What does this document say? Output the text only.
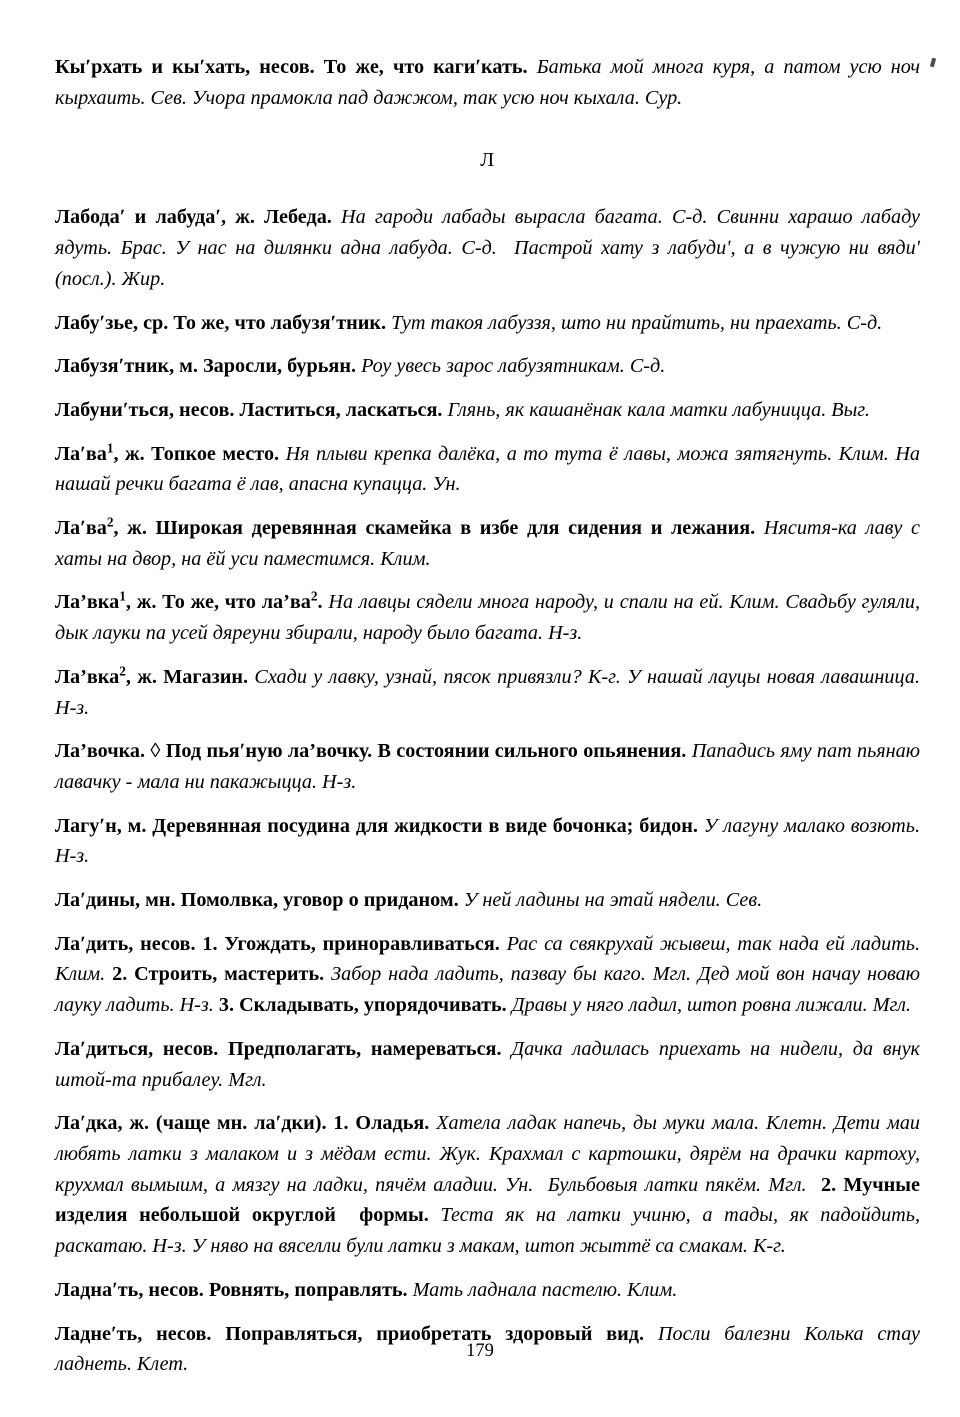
Кыʹрхать и кыʹхать, несов. То же, что кагиʹкать. Батька мой многа куря, а патом усю ноч кырхаить. Сев. Учора прамокла пад дажжом, так усю ноч кыхала. Сур.

Л

Лабодаʹ и лабудаʹ, ж. Лебеда. На гароди лабады вырасла багата. С-д. Свинни харашо лабаду ядуть. Брас. У нас на дилянки адна лабуда. С-д.  Пастрой хату з лабудиʹ, а в чужую ни вядиʹ (посл.). Жир.

Лабуʹзье, ср. То же, что лабузяʹтник. Тут такоя лабуззя, што ни прайтить, ни праехать. С-д.

Лабузяʹтник, м. Заросли, бурьян. Роу увесь зарос лабузятникам. С-д.

Лабуниʹться, несов. Ластиться, ласкаться. Глянь, як кашанёнак кала матки лабуницца. Выг.

Лаʹва$^1$, ж. Топкое место. Ня плыви крепка далёка, а то тута ё лавы, можа зятягнуть. Клим. На нашай речки багата ё лав, апасна купацца. Ун.

Лаʹва$^2$, ж. Широкая деревянная скамейка в избе для сидения и лежания. Няситя-ка лаву с хаты на двор, на ёй уси паместимся. Клим.

Ла’вка$^1$, ж. То же, что $ла’ва^2$. На лавцы сядели многа народу, и спали на ей. Клим. Свадьбу гуляли, дык лауки па усей дяреуни збирали, народу было багата. Н-з.

Ла’вка$^2$, ж. Магазин. Схади у лавку, узнай, пясок привязли? К-г. У нашай лауцы новая лавашница. Н-з.

Ла’вочка. ◊ Под пьяʹную ла’вочку. В состоянии сильного опьянения. Пападись яму пат пьянаю лавачку - мала ни пакажыцца. Н-з.

Лагуʹн, м. Деревянная посудина для жидкости в виде бочонка; бидон. У лагуну малако возють. Н-з.

Лаʹдины, мн. Помолвка, уговор о приданом. У ней ладины на этай нядели. Сев.

Лаʹдить, несов. 1. Угождать, приноравливаться. Рас са свякрухай жывеш, так нада ей ладить. Клим. 2. Строить, мастерить. Забор нада ладить, пазвау бы каго. Мгл. Дед мой вон начау новаю лауку ладить. Н-з. 3. Складывать, упорядочивать. Дравы у няго ладил, штоп ровна лижали. Мгл.

Лаʹдиться, несов. Предполагать, намереваться. Дачка ладилась приехать на нидели, да внук штой-та прибалеу. Мгл.

Лаʹдка, ж. (чаще мн. лаʹдки). 1. Оладья. Хатела ладак напечь, ды муки мала. Клетн. Дети маи любять латки з малаком и з мёдам ести. Жук. Крахмал с картошки, дярём на драчки картоху, крухмал вымыим, а мязгу на ладки, пячём аладии. Ун.  Бульбовыя латки пякём. Мгл. 2. Мучные изделия небольшой округлой  формы. Теста як на латки учиню, а тады, як падойдить, раскатаю. Н-з. У няво на вяселли були латки з макам, штоп жыттё са смакам. К-г.

Ладнаʹть, несов. Ровнять, поправлять. Мать ладнала пастелю. Клим.

Ладнеʹть, несов. Поправляться, приобретать здоровый вид. Посли балезни Колька стау ладнеть. Клет.

179
